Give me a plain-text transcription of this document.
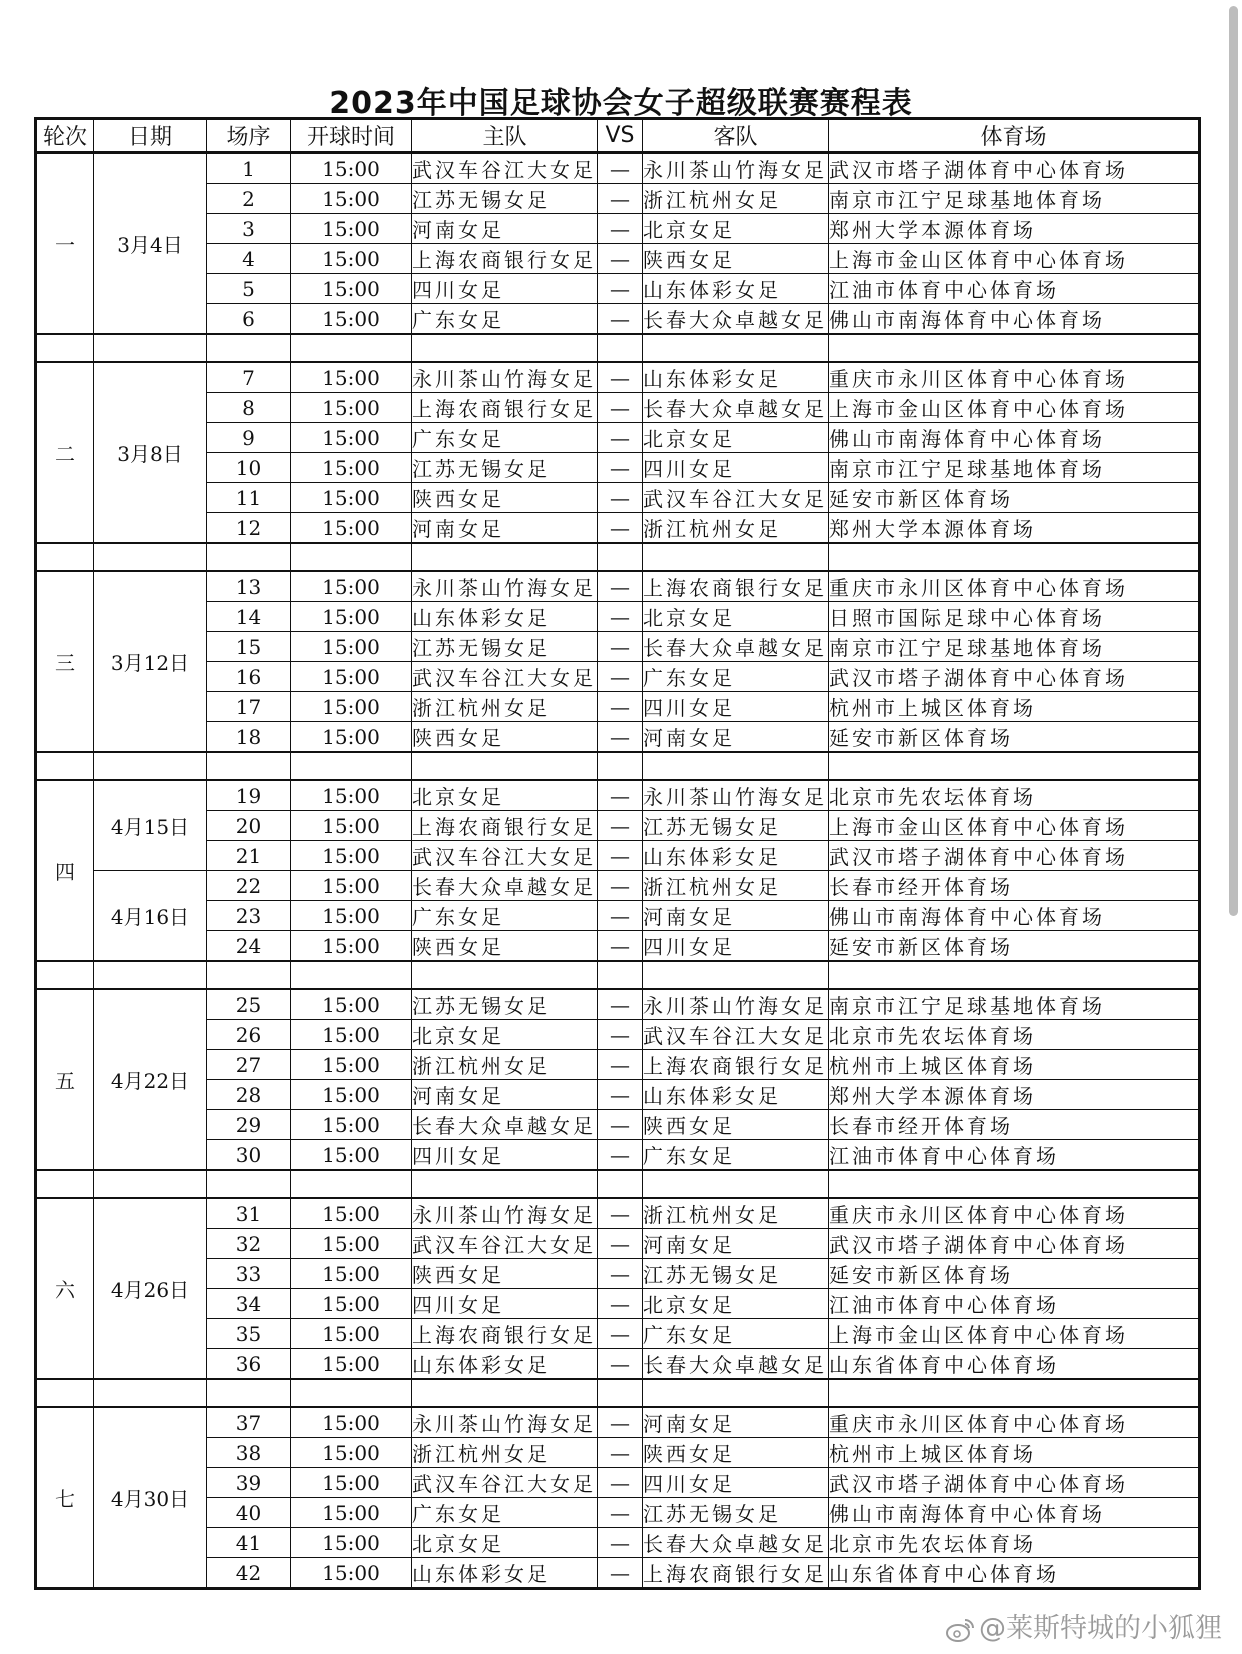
2023年中国足球协会女子超级联赛赛程表
轮次	日期	场序	开球时间	主队	VS	客队	体育场
一	3月4日	1	15:00	武汉车谷江大女足	—	永川茶山竹海女足	武汉市塔子湖体育中心体育场
		2	15:00	江苏无锡女足	—	浙江杭州女足	南京市江宁足球基地体育场
		3	15:00	河南女足	—	北京女足	郑州大学本源体育场
		4	15:00	上海农商银行女足	—	陕西女足	上海市金山区体育中心体育场
		5	15:00	四川女足	—	山东体彩女足	江油市体育中心体育场
		6	15:00	广东女足	—	长春大众卓越女足	佛山市南海体育中心体育场

二	3月8日	7	15:00	永川茶山竹海女足	—	山东体彩女足	重庆市永川区体育中心体育场
		8	15:00	上海农商银行女足	—	长春大众卓越女足	上海市金山区体育中心体育场
		9	15:00	广东女足	—	北京女足	佛山市南海体育中心体育场
		10	15:00	江苏无锡女足	—	四川女足	南京市江宁足球基地体育场
		11	15:00	陕西女足	—	武汉车谷江大女足	延安市新区体育场
		12	15:00	河南女足	—	浙江杭州女足	郑州大学本源体育场

三	3月12日	13	15:00	永川茶山竹海女足	—	上海农商银行女足	重庆市永川区体育中心体育场
		14	15:00	山东体彩女足	—	北京女足	日照市国际足球中心体育场
		15	15:00	江苏无锡女足	—	长春大众卓越女足	南京市江宁足球基地体育场
		16	15:00	武汉车谷江大女足	—	广东女足	武汉市塔子湖体育中心体育场
		17	15:00	浙江杭州女足	—	四川女足	杭州市上城区体育场
		18	15:00	陕西女足	—	河南女足	延安市新区体育场

四	4月15日	19	15:00	北京女足	—	永川茶山竹海女足	北京市先农坛体育场
		20	15:00	上海农商银行女足	—	江苏无锡女足	上海市金山区体育中心体育场
		21	15:00	武汉车谷江大女足	—	山东体彩女足	武汉市塔子湖体育中心体育场
	4月16日	22	15:00	长春大众卓越女足	—	浙江杭州女足	长春市经开体育场
		23	15:00	广东女足	—	河南女足	佛山市南海体育中心体育场
		24	15:00	陕西女足	—	四川女足	延安市新区体育场

五	4月22日	25	15:00	江苏无锡女足	—	永川茶山竹海女足	南京市江宁足球基地体育场
		26	15:00	北京女足	—	武汉车谷江大女足	北京市先农坛体育场
		27	15:00	浙江杭州女足	—	上海农商银行女足	杭州市上城区体育场
		28	15:00	河南女足	—	山东体彩女足	郑州大学本源体育场
		29	15:00	长春大众卓越女足	—	陕西女足	长春市经开体育场
		30	15:00	四川女足	—	广东女足	江油市体育中心体育场

六	4月26日	31	15:00	永川茶山竹海女足	—	浙江杭州女足	重庆市永川区体育中心体育场
		32	15:00	武汉车谷江大女足	—	河南女足	武汉市塔子湖体育中心体育场
		33	15:00	陕西女足	—	江苏无锡女足	延安市新区体育场
		34	15:00	四川女足	—	北京女足	江油市体育中心体育场
		35	15:00	上海农商银行女足	—	广东女足	上海市金山区体育中心体育场
		36	15:00	山东体彩女足	—	长春大众卓越女足	山东省体育中心体育场

七	4月30日	37	15:00	永川茶山竹海女足	—	河南女足	重庆市永川区体育中心体育场
		38	15:00	浙江杭州女足	—	陕西女足	杭州市上城区体育场
		39	15:00	武汉车谷江大女足	—	四川女足	武汉市塔子湖体育中心体育场
		40	15:00	广东女足	—	江苏无锡女足	佛山市南海体育中心体育场
		41	15:00	北京女足	—	长春大众卓越女足	北京市先农坛体育场
		42	15:00	山东体彩女足	—	上海农商银行女足	山东省体育中心体育场
@莱斯特城的小狐狸
